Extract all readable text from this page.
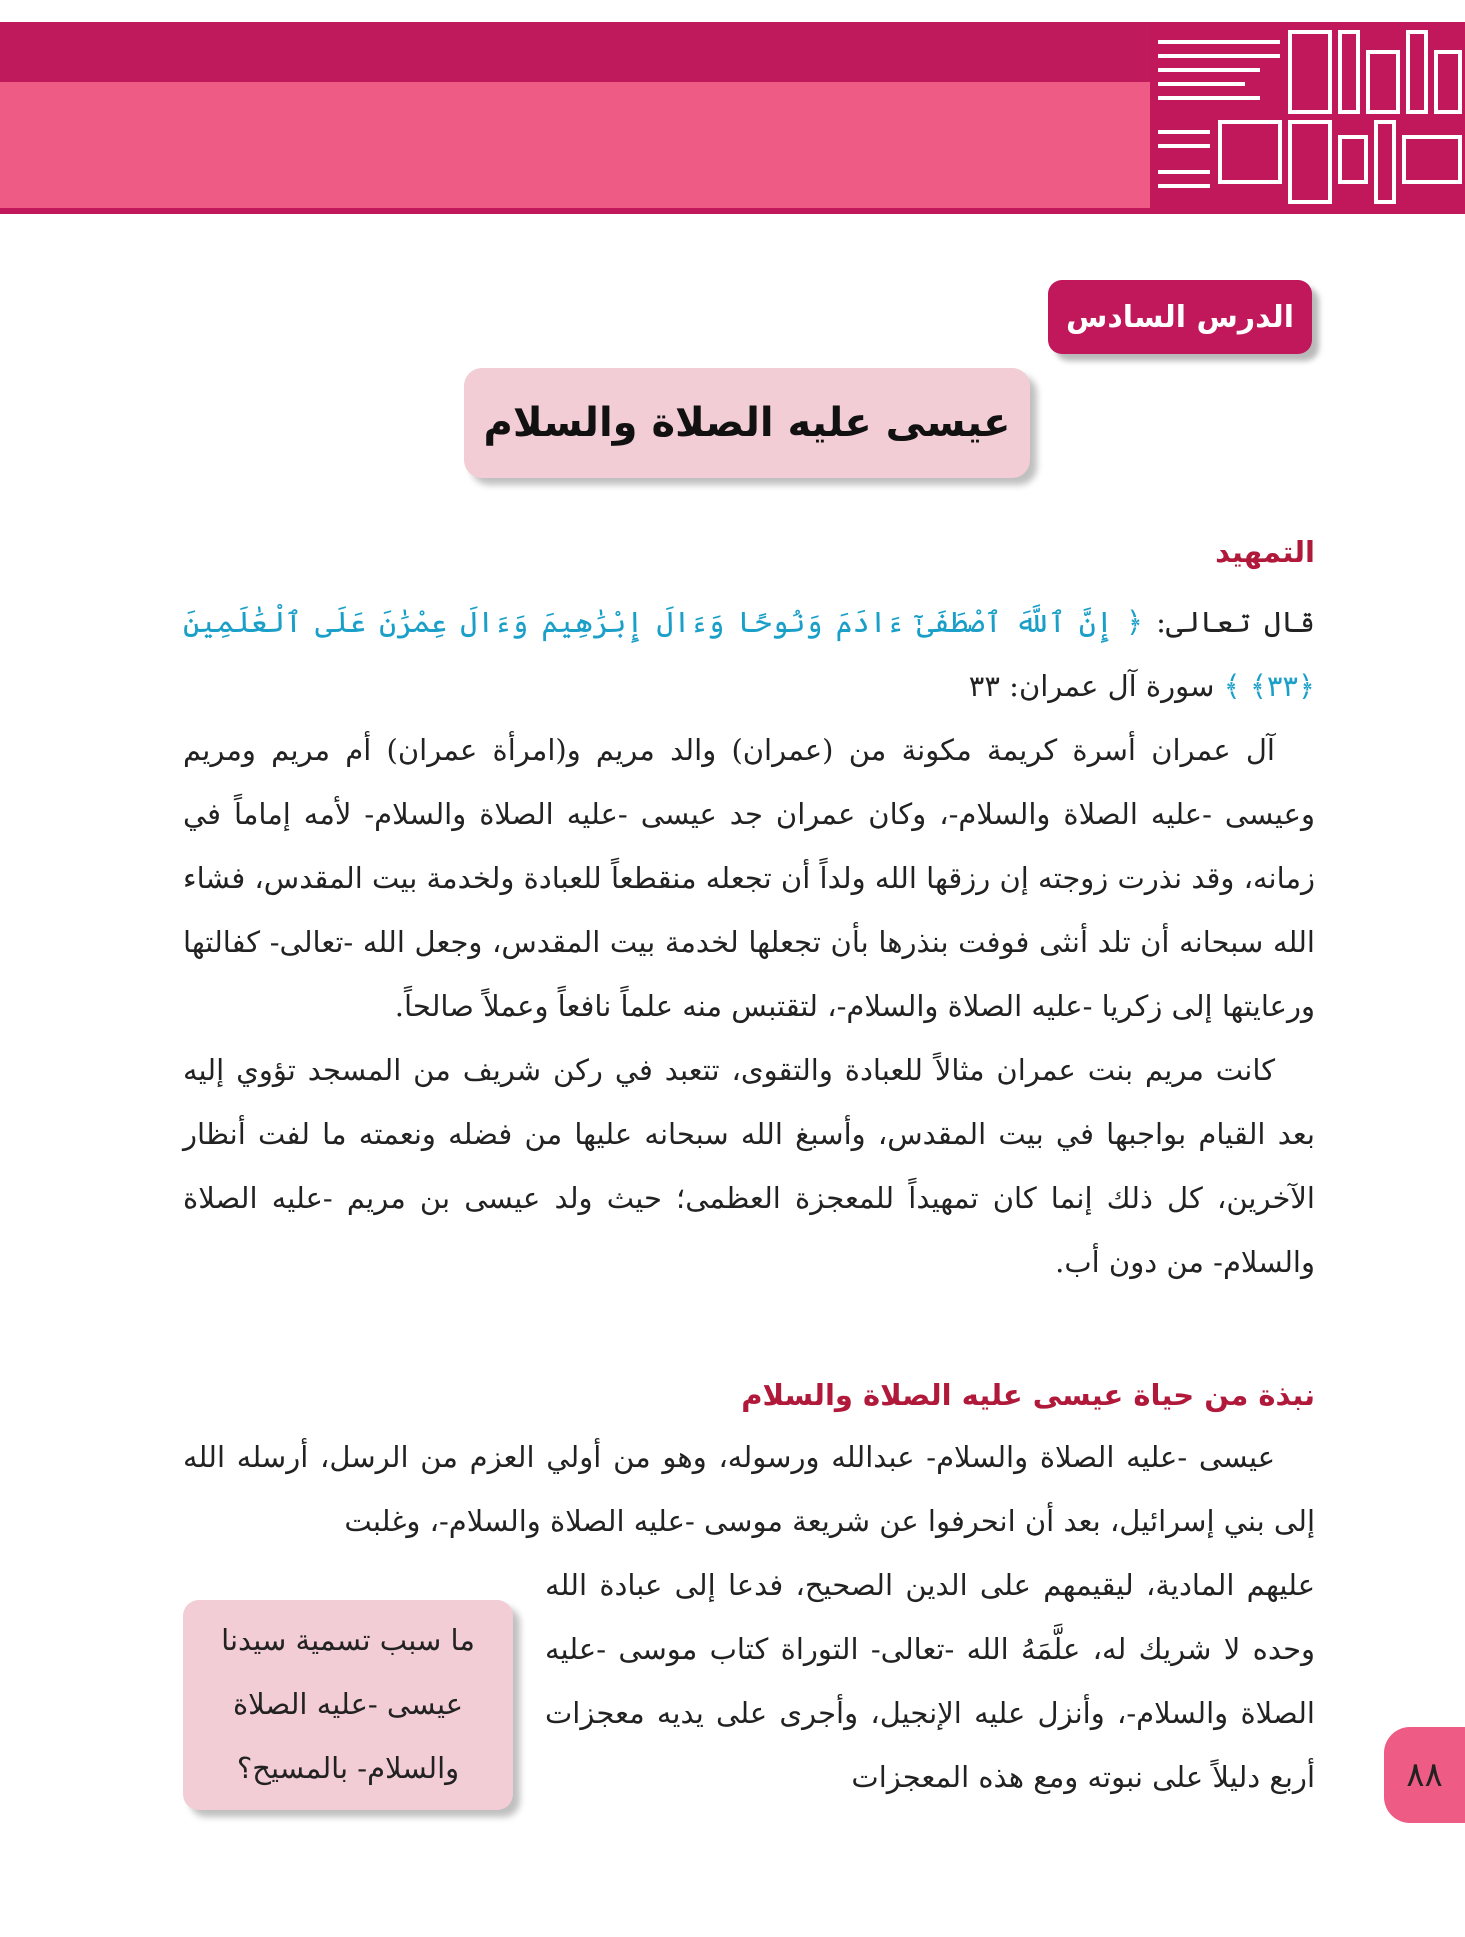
الدرس السادس
عيسى عليه الصلاة والسلام
التمهيد

قال تعالى: ﴿ إِنَّ ٱللَّهَ ٱصْطَفَىٰٓ ءَادَمَ وَنُوحًا وَءَالَ إِبْرَٰهِيمَ وَءَالَ عِمْرَٰنَ عَلَى ٱلْعَٰلَمِينَ ﴿٣٣﴾ ﴾ سورة آل عمران: ٣٣

آل عمران أسرة كريمة مكونة من (عمران) والد مريم و(امرأة عمران) أم مريم ومريم وعيسى -عليه الصلاة والسلام-، وكان عمران جد عيسى -عليه الصلاة والسلام- لأمه إماماً في زمانه، وقد نذرت زوجته إن رزقها الله ولداً أن تجعله منقطعاً للعبادة ولخدمة بيت المقدس، فشاء الله سبحانه أن تلد أنثى فوفت بنذرها بأن تجعلها لخدمة بيت المقدس، وجعل الله -تعالى- كفالتها ورعايتها إلى زكريا -عليه الصلاة والسلام-، لتقتبس منه علماً نافعاً وعملاً صالحاً.

كانت مريم بنت عمران مثالاً للعبادة والتقوى، تتعبد في ركن شريف من المسجد تؤوي إليه بعد القيام بواجبها في بيت المقدس، وأسبغ الله سبحانه عليها من فضله ونعمته ما لفت أنظار الآخرين، كل ذلك إنما كان تمهيداً للمعجزة العظمى؛ حيث ولد عيسى بن مريم -عليه الصلاة والسلام- من دون أب.

نبذة من حياة عيسى عليه الصلاة والسلام

عيسى -عليه الصلاة والسلام- عبدالله ورسوله، وهو من أولي العزم من الرسل، أرسله الله إلى بني إسرائيل، بعد أن انحرفوا عن شريعة موسى -عليه الصلاة والسلام-، وغلبت

عليهم المادية، ليقيمهم على الدين الصحيح، فدعا إلى عبادة الله وحده لا شريك له، علَّمَهُ الله -تعالى- التوراة كتاب موسى -عليه الصلاة والسلام-، وأنزل عليه الإنجيل، وأجرى على يديه معجزات أربع دليلاً على نبوته ومع هذه المعجزات

ما سبب تسمية سيدنا عيسى -عليه الصلاة والسلام- بالمسيح؟	٨٨
